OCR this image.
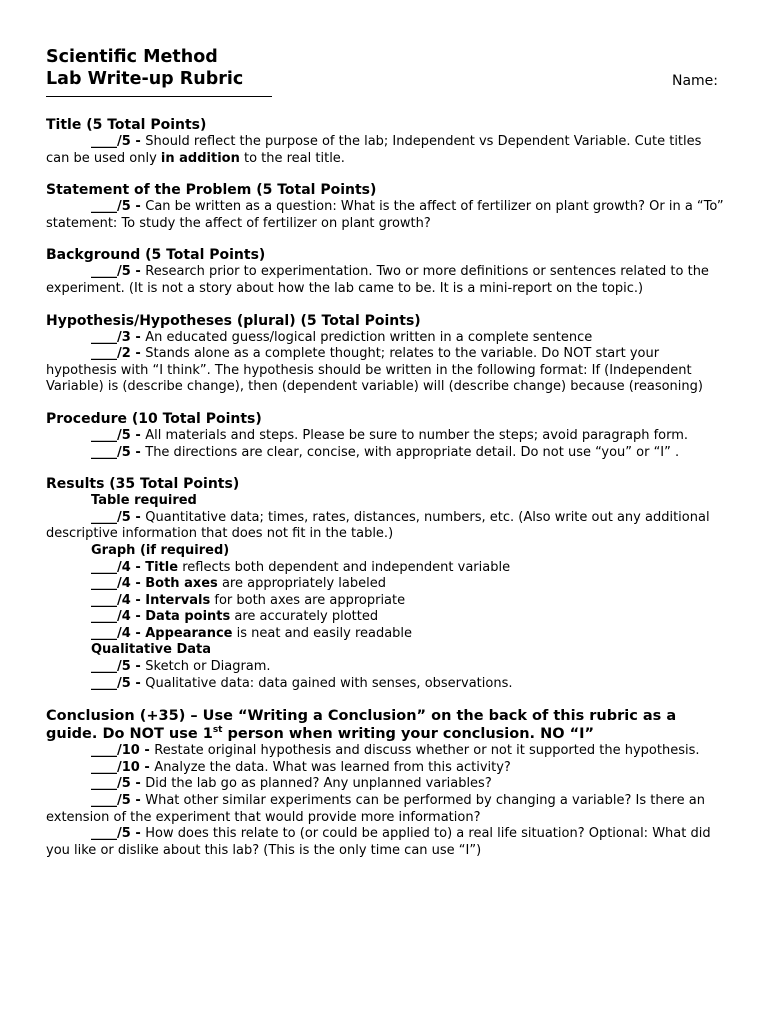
Scientific Method
Lab Write-up Rubric	Name:
Title (5 Total Points)
____/5 - Should reflect the purpose of the lab; Independent vs Dependent Variable. Cute titles can be used only in addition to the real title.
Statement of the Problem (5 Total Points)
____/5 - Can be written as a question: What is the affect of fertilizer on plant growth? Or in a “To” statement: To study the affect of fertilizer on plant growth?
Background (5 Total Points)
____/5 - Research prior to experimentation. Two or more definitions or sentences related to the experiment. (It is not a story about how the lab came to be. It is a mini-report on the topic.)
Hypothesis/Hypotheses (plural) (5 Total Points)
____/3 - An educated guess/logical prediction written in a complete sentence
____/2 - Stands alone as a complete thought; relates to the variable. Do NOT start your hypothesis with “I think”. The hypothesis should be written in the following format: If (Independent Variable) is (describe change), then (dependent variable) will (describe change) because (reasoning)
Procedure (10 Total Points)
____/5 - All materials and steps. Please be sure to number the steps; avoid paragraph form.
____/5 - The directions are clear, concise, with appropriate detail. Do not use “you” or “I” .
Results (35 Total Points)
Table required
____/5 - Quantitative data; times, rates, distances, numbers, etc. (Also write out any additional descriptive information that does not fit in the table.)
Graph (if required)
____/4 - Title reflects both dependent and independent variable
____/4 - Both axes are appropriately labeled
____/4 - Intervals for both axes are appropriate
____/4 - Data points are accurately plotted
____/4 - Appearance is neat and easily readable
Qualitative Data
____/5 - Sketch or Diagram.
____/5 - Qualitative data: data gained with senses, observations.
Conclusion (+35) – Use “Writing a Conclusion” on the back of this rubric as a guide. Do NOT use 1st person when writing your conclusion. NO “I”
____/10 - Restate original hypothesis and discuss whether or not it supported the hypothesis.
____/10 - Analyze the data. What was learned from this activity?
____/5 - Did the lab go as planned? Any unplanned variables?
____/5 - What other similar experiments can be performed by changing a variable? Is there an extension of the experiment that would provide more information?
____/5 - How does this relate to (or could be applied to) a real life situation? Optional: What did you like or dislike about this lab? (This is the only time can use “I”)
